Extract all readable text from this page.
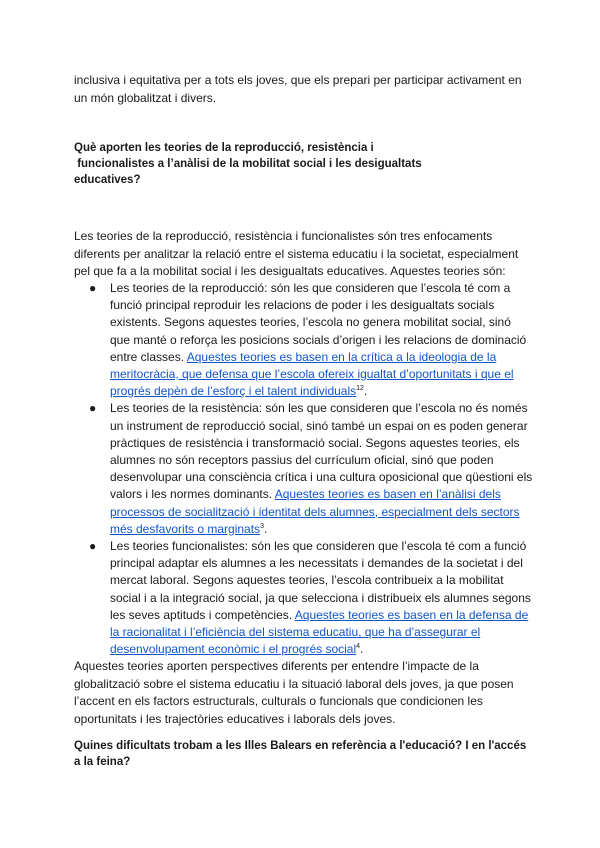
inclusiva i equitativa per a tots els joves, que els prepari per participar activament en un món globalitzat i divers.

Què aporten les teories de la reproducció, resistència i
funcionalistes a l’anàlisi de la mobilitat social i les desigualtats
educatives?

Les teories de la reproducció, resistència i funcionalistes són tres enfocaments diferents per analitzar la relació entre el sistema educatiu i la societat, especialment pel que fa a la mobilitat social i les desigualtats educatives. Aquestes teories són:

● Les teories de la reproducció: són les que consideren que l’escola té com a funció principal reproduir les relacions de poder i les desigualtats socials existents. Segons aquestes teories, l’escola no genera mobilitat social, sinó que manté o reforça les posicions socials d’origen i les relacions de dominació entre classes. Aquestes teories es basen en la crítica a la ideologia de la meritocràcia, que defensa que l’escola ofereix igualtat d’oportunitats i que el progrés depèn de l’esforç i el talent individuals$^{12}$.
● Les teories de la resistència: són les que consideren que l’escola no és només un instrument de reproducció social, sinó també un espai on es poden generar pràctiques de resistència i transformació social. Segons aquestes teories, els alumnes no són receptors passius del currículum oficial, sinó que poden desenvolupar una consciència crítica i una cultura oposicional que qüestioni els valors i les normes dominants. Aquestes teories es basen en l’anàlisi dels processos de socialització i identitat dels alumnes, especialment dels sectors més desfavorits o marginats$^3$.
● Les teories funcionalistes: són les que consideren que l’escola té com a funció principal adaptar els alumnes a les necessitats i demandes de la societat i del mercat laboral. Segons aquestes teories, l’escola contribueix a la mobilitat social i a la integració social, ja que selecciona i distribueix els alumnes segons les seves aptituds i competències. Aquestes teories es basen en la defensa de la racionalitat i l’eficiència del sistema educatiu, que ha d’assegurar el desenvolupament econòmic i el progrés social$^4$.

Aquestes teories aporten perspectives diferents per entendre l’impacte de la globalització sobre el sistema educatiu i la situació laboral dels joves, ja que posen l’accent en els factors estructurals, culturals o funcionals que condicionen les oportunitats i les trajectòries educatives i laborals dels joves.

Quines dificultats trobam a les Illes Balears en referència a l'educació? I en l'accés a la feina?
